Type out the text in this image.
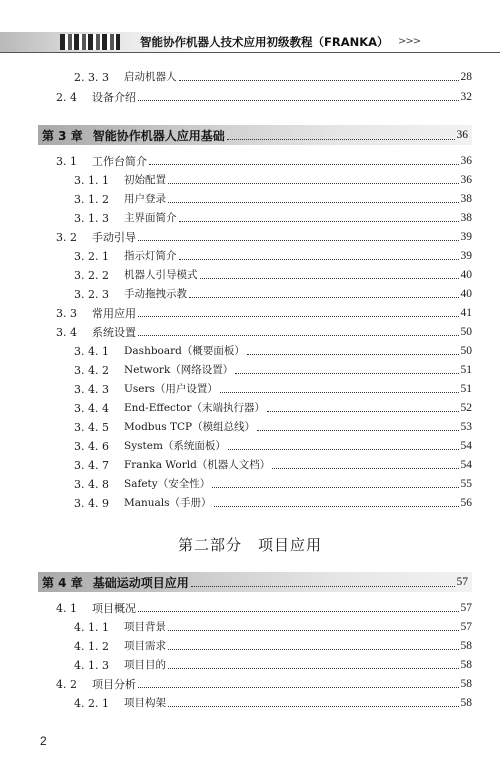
智能协作机器人技术应用初级教程（FRANKA） >>>
2. 3. 3	启动机器人	28
2. 4	设备介绍	32
第 3 章 智能协作机器人应用基础	36
3. 1	工作台简介	36
3. 1. 1	初始配置	36
3. 1. 2	用户登录	38
3. 1. 3	主界面简介	38
3. 2	手动引导	39
3. 2. 1	指示灯简介	39
3. 2. 2	机器人引导模式	40
3. 2. 3	手动拖拽示教	40
3. 3	常用应用	41
3. 4	系统设置	50
3. 4. 1	Dashboard（概要面板）	50
3. 4. 2	Network（网络设置）	51
3. 4. 3	Users（用户设置）	51
3. 4. 4	End-Effector（末端执行器）	52
3. 4. 5	Modbus TCP（模组总线）	53
3. 4. 6	System（系统面板）	54
3. 4. 7	Franka World（机器人文档）	54
3. 4. 8	Safety（安全性）	55
3. 4. 9	Manuals（手册）	56
第二部分　项目应用
第 4 章 基础运动项目应用	57
4. 1	项目概况	57
4. 1. 1	项目背景	57
4. 1. 2	项目需求	58
4. 1. 3	项目目的	58
4. 2	项目分析	58
4. 2. 1	项目构架	58
2
